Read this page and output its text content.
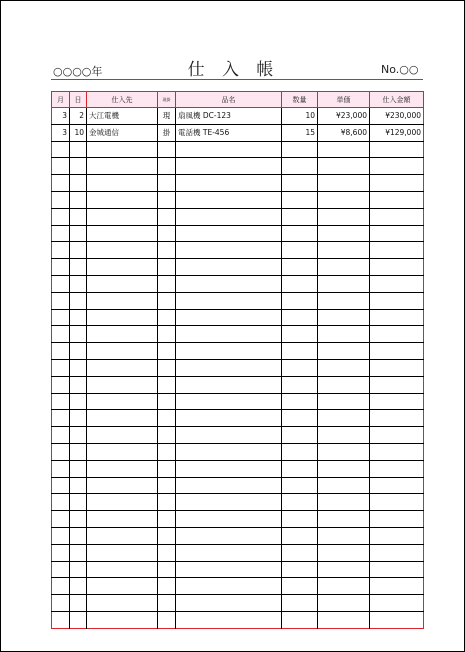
○○○○年	仕 入 帳	No.○○
月	日	仕入先	現掛	品名	数量	単価	仕入金額
3	2	大江電機	現	扇風機 DC-123	10	¥23,000	¥230,000
3	10	金城通信	掛	電話機 TE-456	15	¥8,600	¥129,000
